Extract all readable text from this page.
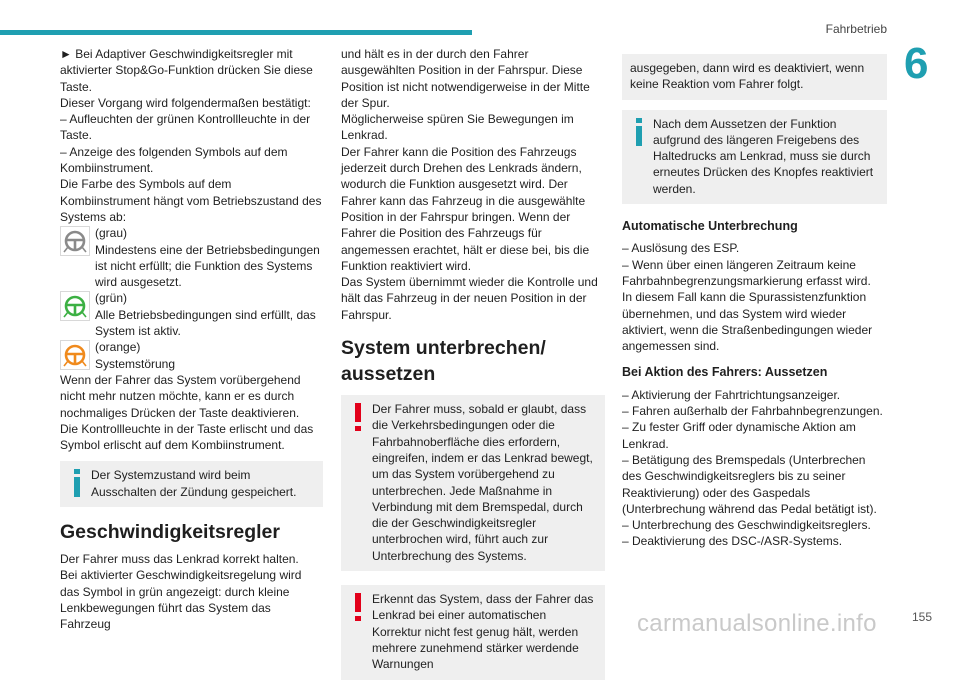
Fahrbetrieb
6

► Bei Adaptiver Geschwindigkeitsregler mit aktivierter Stop&Go-Funktion drücken Sie diese Taste.

Dieser Vorgang wird folgendermaßen bestätigt:

– Aufleuchten der grünen Kontrollleuchte in der Taste.

– Anzeige des folgenden Symbols auf dem Kombiinstrument.

Die Farbe des Symbols auf dem Kombiinstrument hängt vom Betriebszustand des Systems ab:

(grau)
Mindestens eine der Betriebsbedingungen ist nicht erfüllt; die Funktion des Systems wird ausgesetzt.
(grün)
Alle Betriebsbedingungen sind erfüllt, das System ist aktiv.
(orange)
Systemstörung

Wenn der Fahrer das System vorübergehend nicht mehr nutzen möchte, kann er es durch nochmaliges Drücken der Taste deaktivieren.

Die Kontrollleuchte in der Taste erlischt und das Symbol erlischt auf dem Kombiinstrument.

Der Systemzustand wird beim Ausschalten der Zündung gespeichert.
Geschwindigkeitsregler

Der Fahrer muss das Lenkrad korrekt halten.

Bei aktivierter Geschwindigkeitsregelung wird das Symbol in grün angezeigt: durch kleine Lenkbewegungen führt das System das Fahrzeug

und hält es in der durch den Fahrer ausgewählten Position in der Fahrspur. Diese Position ist nicht notwendigerweise in der Mitte der Spur.

Möglicherweise spüren Sie Bewegungen im Lenkrad.

Der Fahrer kann die Position des Fahrzeugs jederzeit durch Drehen des Lenkrads ändern, wodurch die Funktion ausgesetzt wird. Der Fahrer kann das Fahrzeug in die ausgewählte Position in der Fahrspur bringen. Wenn der Fahrer die Position des Fahrzeugs für angemessen erachtet, hält er diese bei, bis die Funktion reaktiviert wird.

Das System übernimmt wieder die Kontrolle und hält das Fahrzeug in der neuen Position in der Fahrspur.

System unterbrechen/ aussetzen
Der Fahrer muss, sobald er glaubt, dass die Verkehrsbedingungen oder die Fahrbahnoberfläche dies erfordern, eingreifen, indem er das Lenkrad bewegt, um das System vorübergehend zu unterbrechen. Jede Maßnahme in Verbindung mit dem Bremspedal, durch die der Geschwindigkeitsregler unterbrochen wird, führt auch zur Unterbrechung des Systems.
Erkennt das System, dass der Fahrer das Lenkrad bei einer automatischen Korrektur nicht fest genug hält, werden mehrere zunehmend stärker werdende Warnungen
ausgegeben, dann wird es deaktiviert, wenn keine Reaktion vom Fahrer folgt.
Nach dem Aussetzen der Funktion aufgrund des längeren Freigebens des Haltedrucks am Lenkrad, muss sie durch erneutes Drücken des Knopfes reaktiviert werden.
Automatische Unterbrechung

– Auslösung des ESP.

– Wenn über einen längeren Zeitraum keine Fahrbahnbegrenzungsmarkierung erfasst wird.

In diesem Fall kann die Spurassistenzfunktion übernehmen, und das System wird wieder aktiviert, wenn die Straßenbedingungen wieder angemessen sind.

Bei Aktion des Fahrers: Aussetzen

– Aktivierung der Fahrtrichtungsanzeiger.

– Fahren außerhalb der Fahrbahnbegrenzungen.

– Zu fester Griff oder dynamische Aktion am Lenkrad.

– Betätigung des Bremspedals (Unterbrechen des Geschwindigkeitsreglers bis zu seiner Reaktivierung) oder des Gaspedals (Unterbrechung während das Pedal betätigt ist).

– Unterbrechung des Geschwindigkeitsreglers.

– Deaktivierung des DSC-/ASR-Systems.

carmanualsonline.info	155
